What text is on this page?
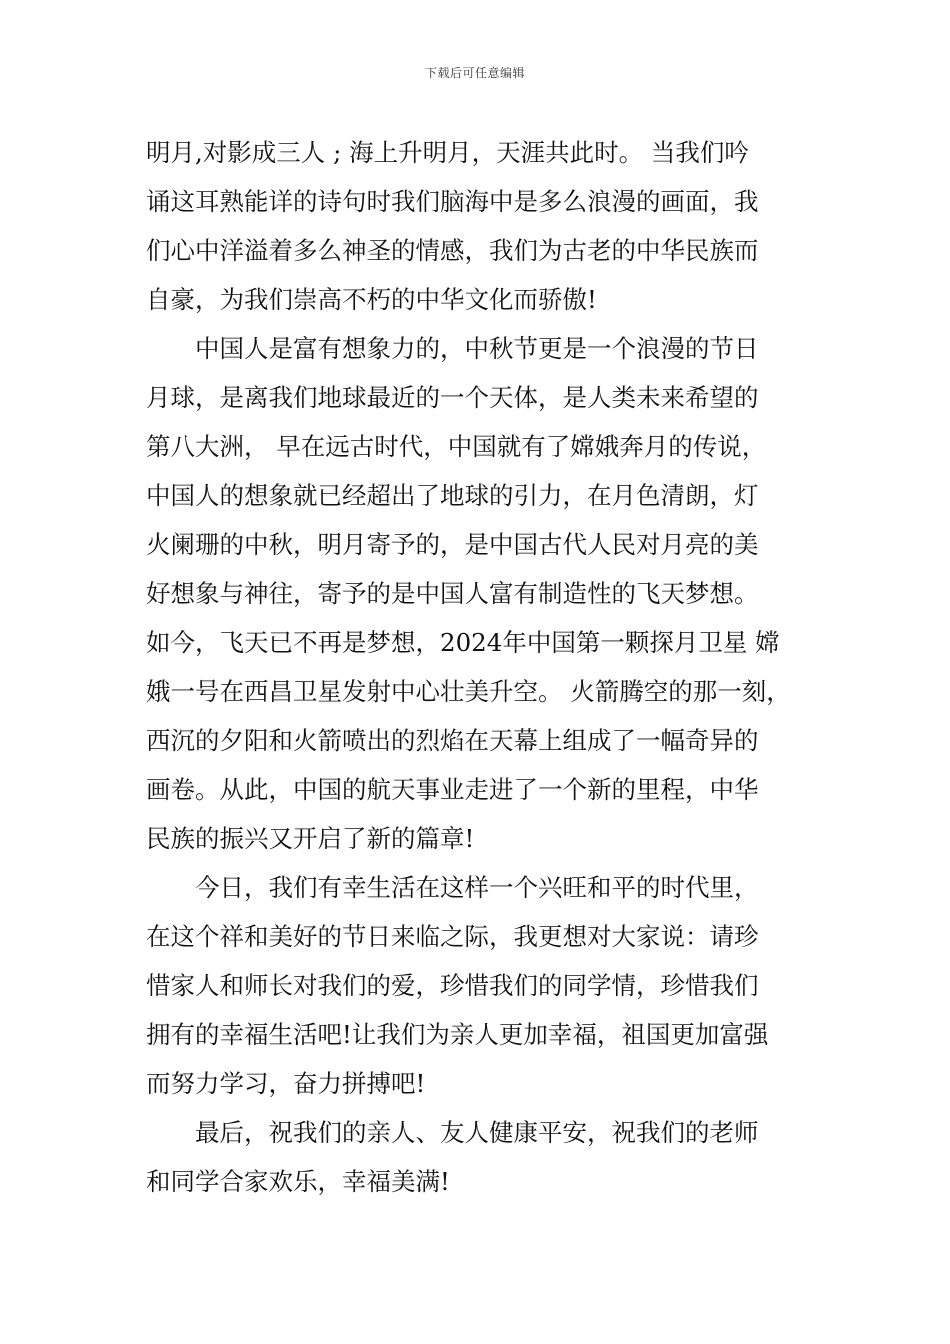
下载后可任意编辑
明月,对影成三人 ; 海上升明月，天涯共此时。 当我们吟
诵这耳熟能详的诗句时我们脑海中是多么浪漫的画面，我
们心中洋溢着多么神圣的情感，我们为古老的中华民族而
自豪，为我们崇高不朽的中华文化而骄傲!
　　中国人是富有想象力的，中秋节更是一个浪漫的节日
月球，是离我们地球最近的一个天体，是人类未来希望的
第八大洲， 早在远古时代，中国就有了嫦娥奔月的传说，
中国人的想象就已经超出了地球的引力，在月色清朗，灯
火阑珊的中秋，明月寄予的，是中国古代人民对月亮的美
好想象与神往，寄予的是中国人富有制造性的飞天梦想。
如今，飞天已不再是梦想，2024年中国第一颗探月卫星 嫦
娥一号在西昌卫星发射中心壮美升空。 火箭腾空的那一刻，
西沉的夕阳和火箭喷出的烈焰在天幕上组成了一幅奇异的
画卷。从此，中国的航天事业走进了一个新的里程，中华
民族的振兴又开启了新的篇章!
　　今日，我们有幸生活在这样一个兴旺和平的时代里，
在这个祥和美好的节日来临之际，我更想对大家说：请珍
惜家人和师长对我们的爱，珍惜我们的同学情，珍惜我们
拥有的幸福生活吧!让我们为亲人更加幸福，祖国更加富强
而努力学习，奋力拼搏吧!
　　最后，祝我们的亲人、友人健康平安，祝我们的老师
和同学合家欢乐，幸福美满!
